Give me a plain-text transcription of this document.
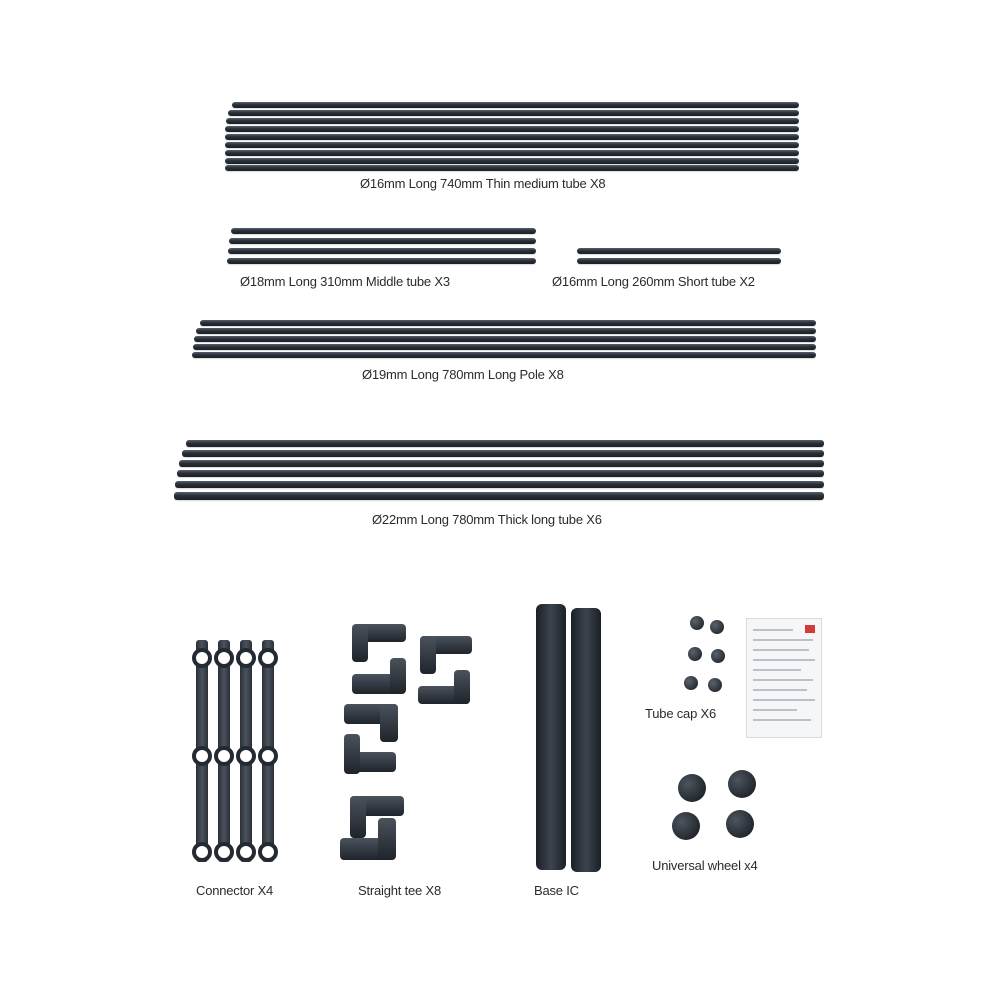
Ø16mm Long 740mm Thin medium tube X8
Ø18mm Long 310mm Middle tube X3	Ø16mm Long 260mm Short tube X2
Ø19mm Long 780mm Long Pole X8
Ø22mm Long 780mm Thick long tube X6
Connector X4	Straight tee X8	Base IC
Tube cap X6
Universal wheel x4
